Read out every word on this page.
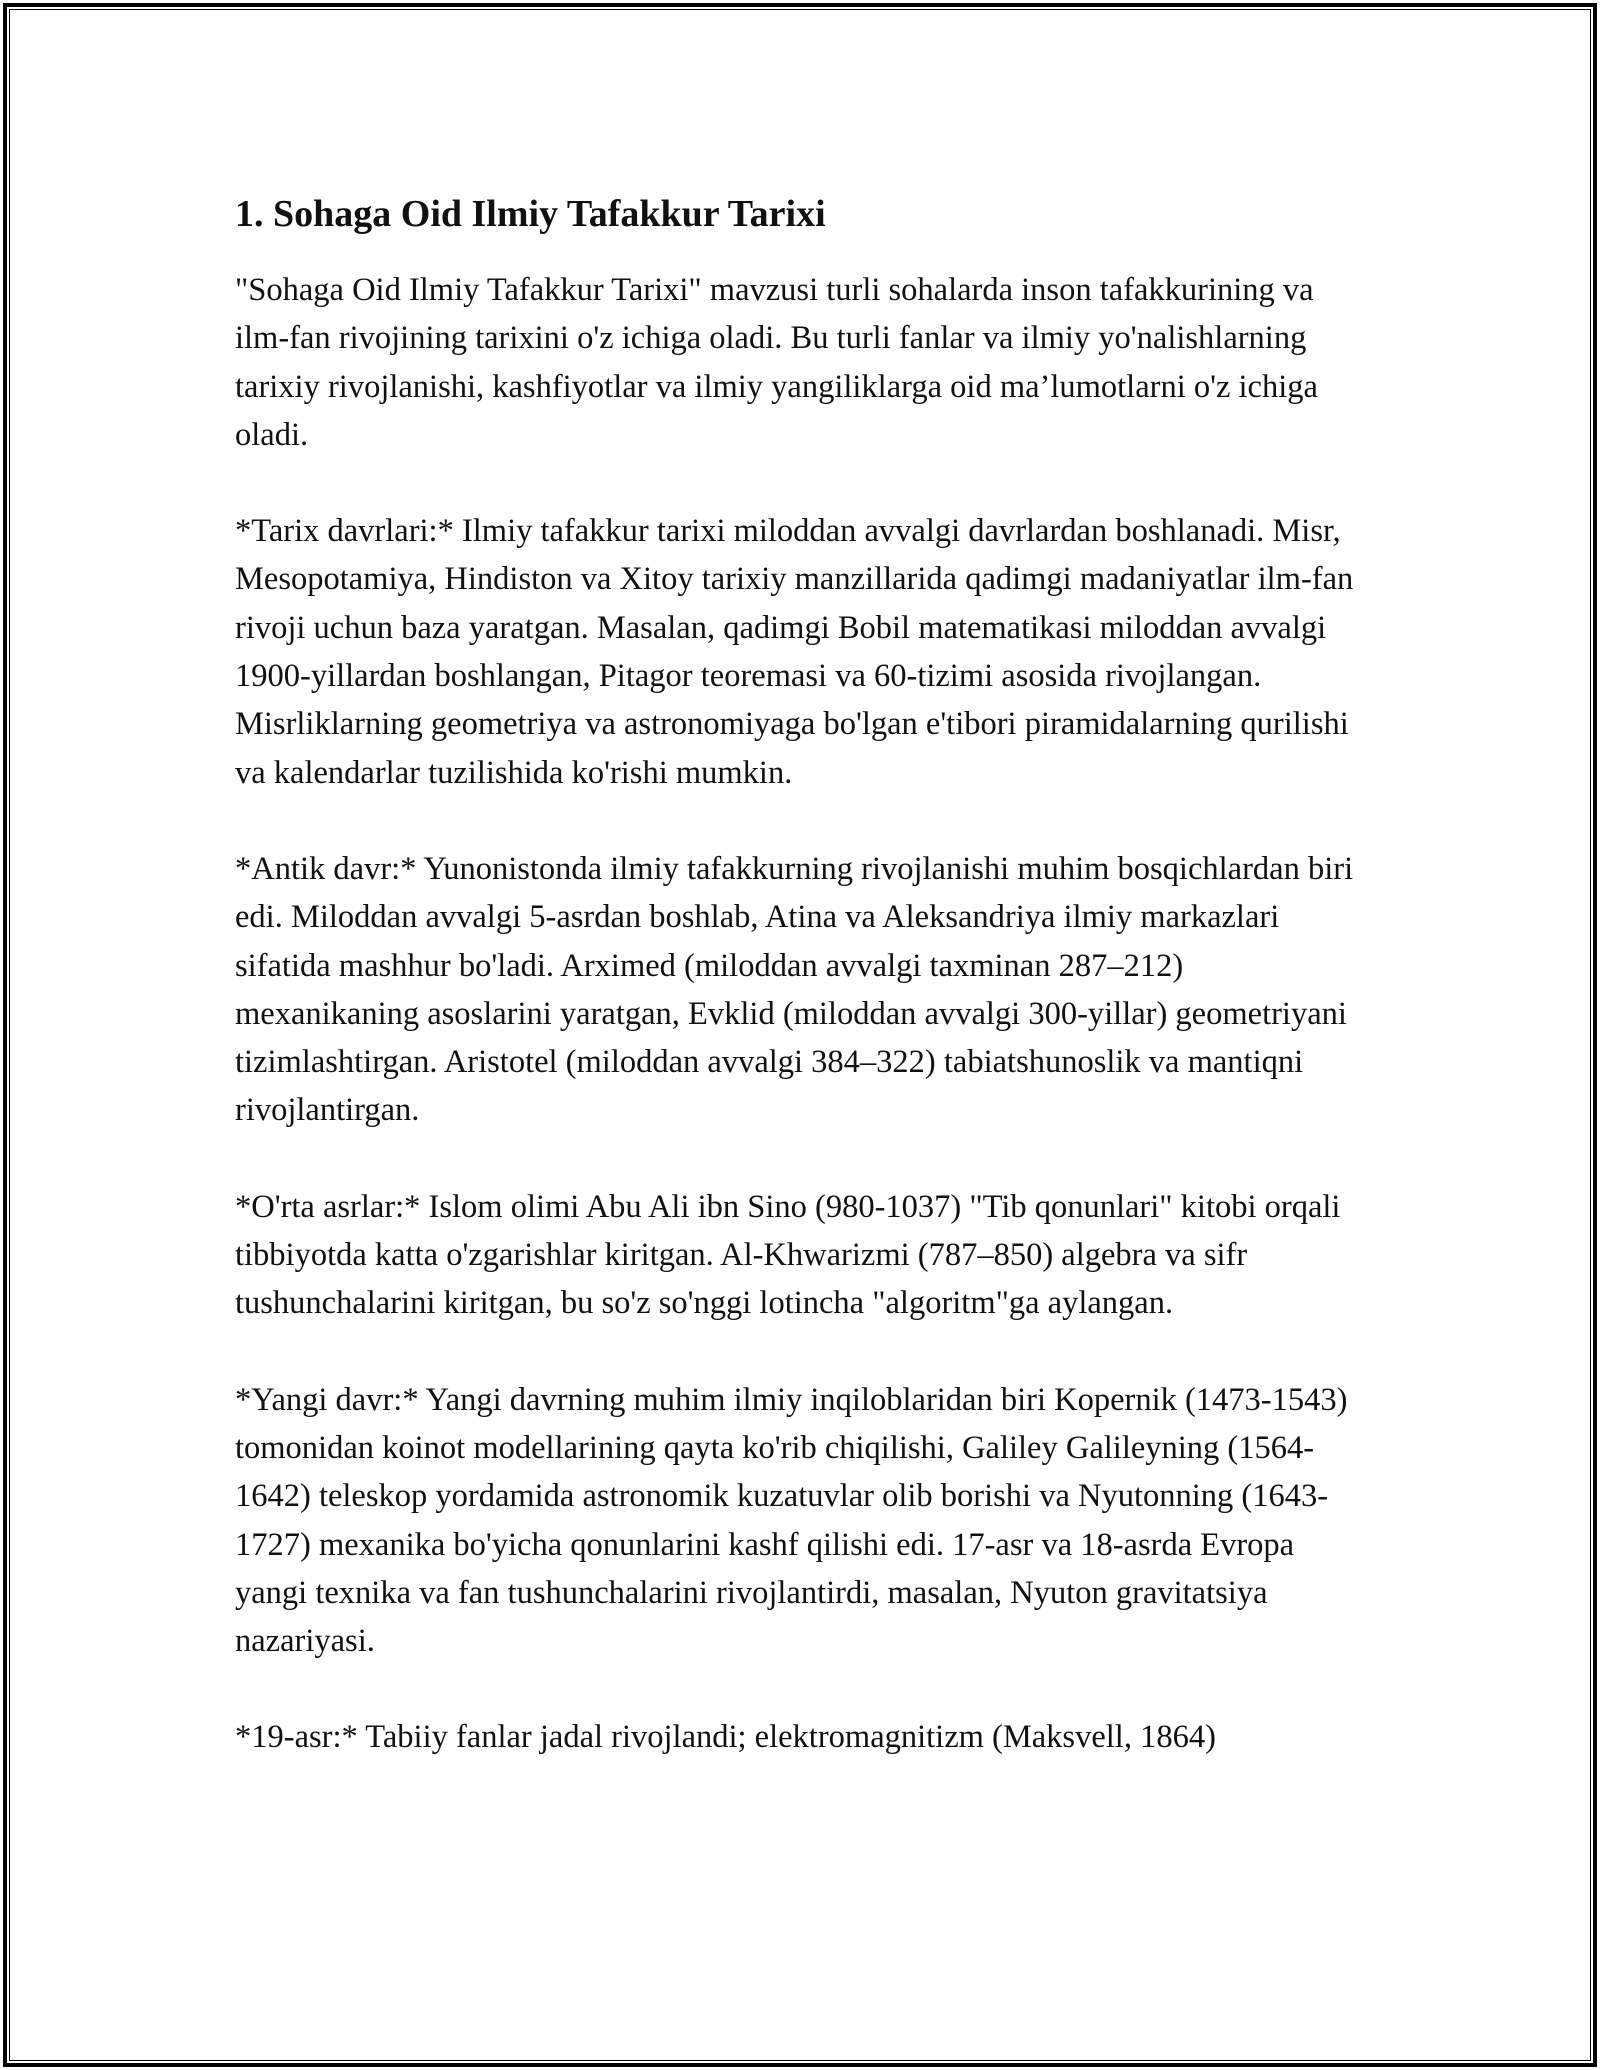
1. Sohaga Oid Ilmiy Tafakkur Tarixi

"Sohaga Oid Ilmiy Tafakkur Tarixi" mavzusi turli sohalarda inson tafakkurining va ilm-fan rivojining tarixini o'z ichiga oladi. Bu turli fanlar va ilmiy yo'nalishlarning tarixiy rivojlanishi, kashfiyotlar va ilmiy yangiliklarga oid ma’lumotlarni o'z ichiga oladi.

*Tarix davrlari:* Ilmiy tafakkur tarixi miloddan avvalgi davrlardan boshlanadi. Misr, Mesopotamiya, Hindiston va Xitoy tarixiy manzillarida qadimgi madaniyatlar ilm-fan rivoji uchun baza yaratgan. Masalan, qadimgi Bobil matematikasi miloddan avvalgi 1900-yillardan boshlangan, Pitagor teoremasi va 60-tizimi asosida rivojlangan. Misrliklarning geometriya va astronomiyaga bo'lgan e'tibori piramidalarning qurilishi va kalendarlar tuzilishida ko'rishi mumkin.

*Antik davr:* Yunonistonda ilmiy tafakkurning rivojlanishi muhim bosqichlardan biri edi. Miloddan avvalgi 5-asrdan boshlab, Atina va Aleksandriya ilmiy markazlari sifatida mashhur bo'ladi. Arximed (miloddan avvalgi taxminan 287–212) mexanikaning asoslarini yaratgan, Evklid (miloddan avvalgi 300-yillar) geometriyani tizimlashtirgan. Aristotel (miloddan avvalgi 384–322) tabiatshunoslik va mantiqni rivojlantirgan.

*O'rta asrlar:* Islom olimi Abu Ali ibn Sino (980-1037) "Tib qonunlari" kitobi orqali tibbiyotda katta o'zgarishlar kiritgan. Al-Khwarizmi (787–850) algebra va sifr tushunchalarini kiritgan, bu so'z so'nggi lotincha "algoritm"ga aylangan.

*Yangi davr:* Yangi davrning muhim ilmiy inqiloblaridan biri Kopernik (1473-1543) tomonidan koinot modellarining qayta ko'rib chiqilishi, Galiley Galileyning (1564-1642) teleskop yordamida astronomik kuzatuvlar olib borishi va Nyutonning (1643-1727) mexanika bo'yicha qonunlarini kashf qilishi edi. 17-asr va 18-asrda Evropa yangi texnika va fan tushunchalarini rivojlantirdi, masalan, Nyuton gravitatsiya nazariyasi.

*19-asr:* Tabiiy fanlar jadal rivojlandi; elektromagnitizm (Maksvell, 1864)
